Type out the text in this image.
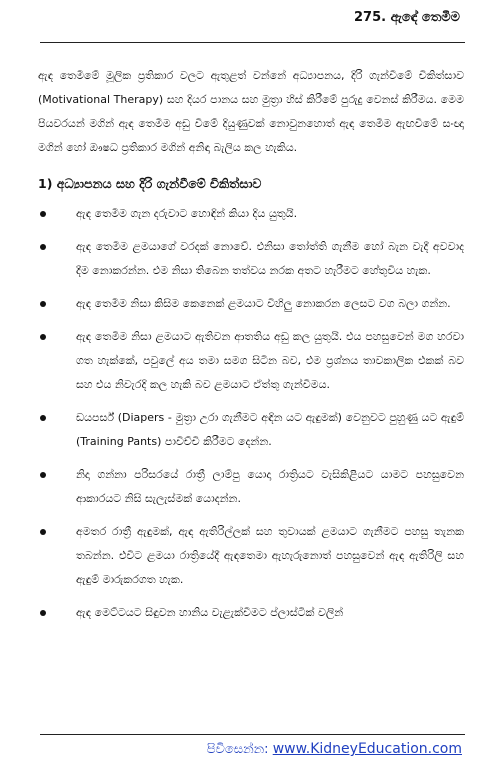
275. ඇඳේ තෙමීම

ඇඳ තෙමීමේ මූලික ප්‍රතිකාර වලට ඇතුළත් වන්නේ අධ්‍යාපනය, දිරි ගැන්වීමේ චිකිත්සාව (Motivational Therapy) සහ දියර පානය සහ මුත්‍රා හිස් කිරීමේ පුරුදු වෙනස් කිරීමය. මෙම පියවරයන් මගින් ඇඳ තෙමීම අඩු වීමේ දියුණුවක් නොවුනහොත් ඇඳ තෙමීම ඇඟවීමේ සංඥා මගින් හෝ ඖෂධ ප්‍රතිකාර මගින් අනිඳා බැලිය කල හැකිය.

1) අධ්‍යාපනය සහ දිරි ගැන්වීමේ චිකිත්සාව
ඇඳ තෙමීම ගැන දරුවාට හොඳින් කියා දිය යුතුයි.
ඇඳ තෙමීම ළමයාගේ වරදක් නොවේ. එනිසා තෝත්ති ගැනීම හෝ බැන වැදී අවවාද දීම නොකරන්න. එම නිසා තිබෙන තත්වය නරක අතට හැරීමට හේතුවිය හැක.
ඇඳ තෙමීම නිසා කිසිම කෙනෙක් ළමයාට විහිලු නොකරන ලෙසට වග බලා ගන්න.
ඇඳ තෙමීම නිසා ළමයාට ඇතිවන ආතතිය අඩු කල යුතුයි. එය පහසුවෙන් මග හරවා ගත හැක්කේ, පවුලේ අය තමා සමග සිටින බව, එම ප්‍රශ්නය තාවකාලික එකක් බව සහ එය නිවැරදි කල හැකි බව ළමයාට ඒත්තු ගැන්වීමය.
ඩයපර්ස් (Diapers - මුත්‍රා උරා ගැනීමට අඳින යට ඇඳුමක්) වෙනුවට පුහුණු යට ඇඳුම් (Training Pants) පාවිච්චි කිරීමට දෙන්න.
නිදා ගන්නා පරිසරයේ රාත්‍රී ලාම්පු යොදා රාත්‍රියට වැසිකිළියට යාමට පහසුවෙන ආකාරයට නිසි සැලැස්මක් යොදන්න.
අමතර රාත්‍රී ඇඳුමක්, ඇඳ ඇතිරිල්ලක් සහ තුවායක් ළමයාට ගැනීමට පහසු තැනක තබන්න. එවිට ළමයා රාත්‍රියේදී ඇඳතෙමා ඇහැරුනොත් පහසුවෙන් ඇඳ ඇතිරිලි සහ ඇඳුම් මාරුකරගත හැක.
ඇඳ මෙට්ටයට සිඳුවන හානිය වැළැක්වීමට ප්ලාස්ටික් වලින්
පිවිසෙන්න: www.KidneyEducation.com
